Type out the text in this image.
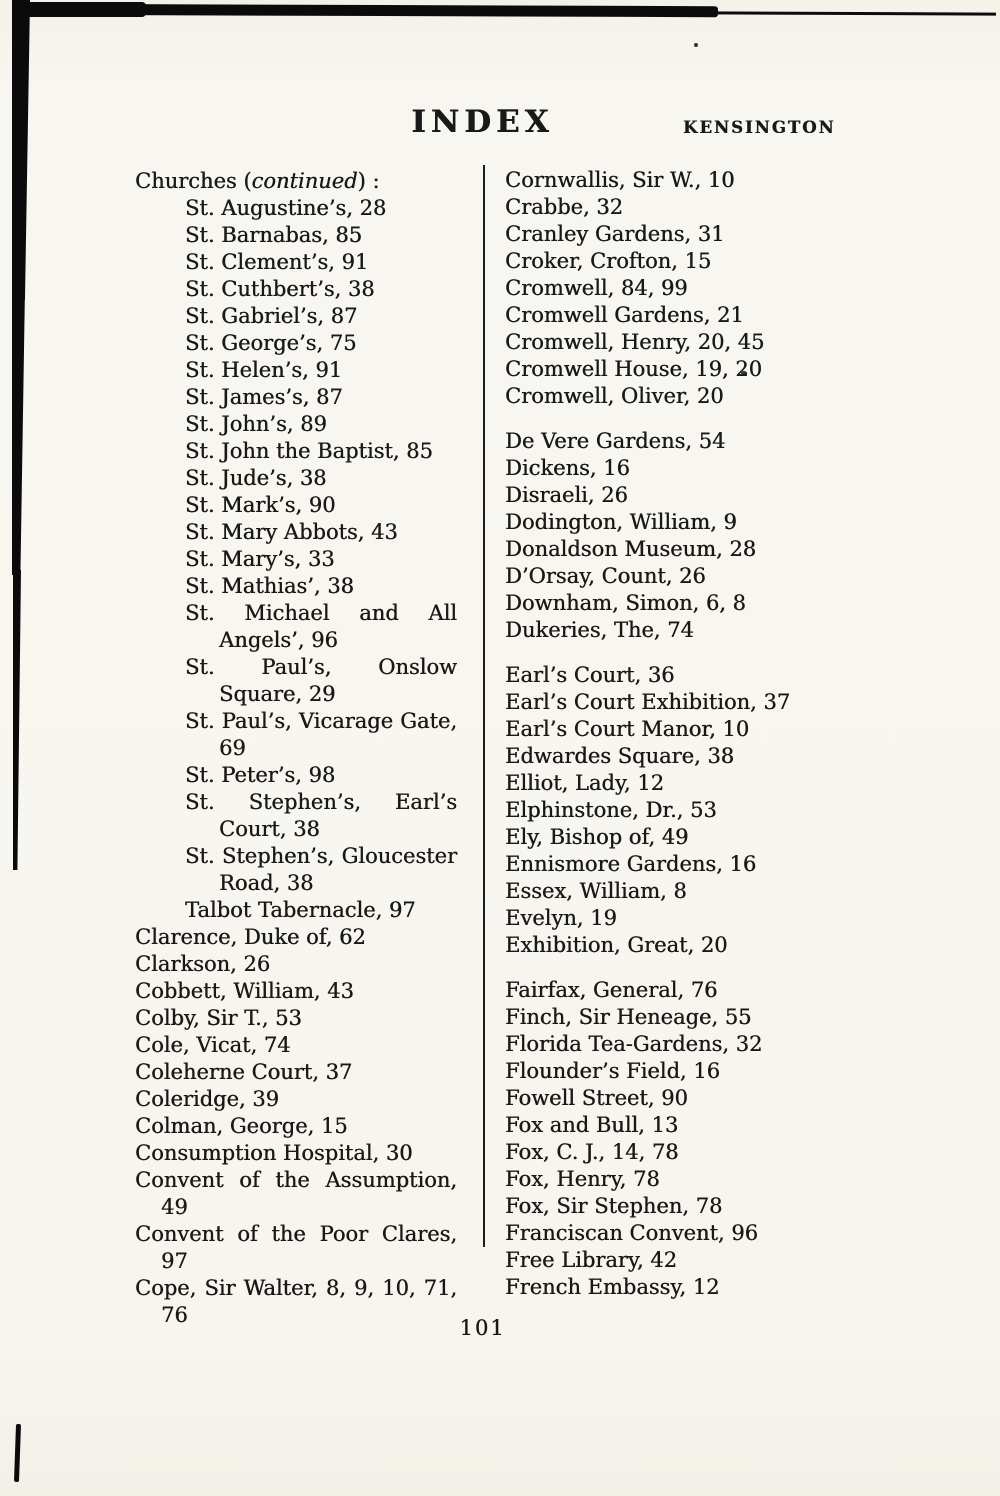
INDEX	KENSINGTON
Churches (continued) :
St. Augustine’s, 28
St. Barnabas, 85
St. Clement’s, 91
St. Cuthbert’s, 38
St. Gabriel’s, 87
St. George’s, 75
St. Helen’s, 91
St. James’s, 87
St. John’s, 89
St. John the Baptist, 85
St. Jude’s, 38
St. Mark’s, 90
St. Mary Abbots, 43
St. Mary’s, 33
St. Mathias’, 38
St. Michael and All Angels’, 96
St. Paul’s, Onslow Square, 29
St. Paul’s, Vicarage Gate, 69
St. Peter’s, 98
St. Stephen’s, Earl’s Court, 38
St. Stephen’s, Gloucester Road, 38
Talbot Tabernacle, 97
Clarence, Duke of, 62
Clarkson, 26
Cobbett, William, 43
Colby, Sir T., 53
Cole, Vicat, 74
Coleherne Court, 37
Coleridge, 39
Colman, George, 15
Consumption Hospital, 30
Convent of the Assumption, 49
Convent of the Poor Clares, 97
Cope, Sir Walter, 8, 9, 10, 71, 76
Cornwallis, Sir W., 10
Crabbe, 32
Cranley Gardens, 31
Croker, Crofton, 15
Cromwell, 84, 99
Cromwell Gardens, 21
Cromwell, Henry, 20, 45
Cromwell House, 19, 20
Cromwell, Oliver, 20
De Vere Gardens, 54
Dickens, 16
Disraeli, 26
Dodington, William, 9
Donaldson Museum, 28
D’Orsay, Count, 26
Downham, Simon, 6, 8
Dukeries, The, 74
Earl’s Court, 36
Earl’s Court Exhibition, 37
Earl’s Court Manor, 10
Edwardes Square, 38
Elliot, Lady, 12
Elphinstone, Dr., 53
Ely, Bishop of, 49
Ennismore Gardens, 16
Essex, William, 8
Evelyn, 19
Exhibition, Great, 20
Fairfax, General, 76
Finch, Sir Heneage, 55
Florida Tea-Gardens, 32
Flounder’s Field, 16
Fowell Street, 90
Fox and Bull, 13
Fox, C. J., 14, 78
Fox, Henry, 78
Fox, Sir Stephen, 78
Franciscan Convent, 96
Free Library, 42
French Embassy, 12
101
